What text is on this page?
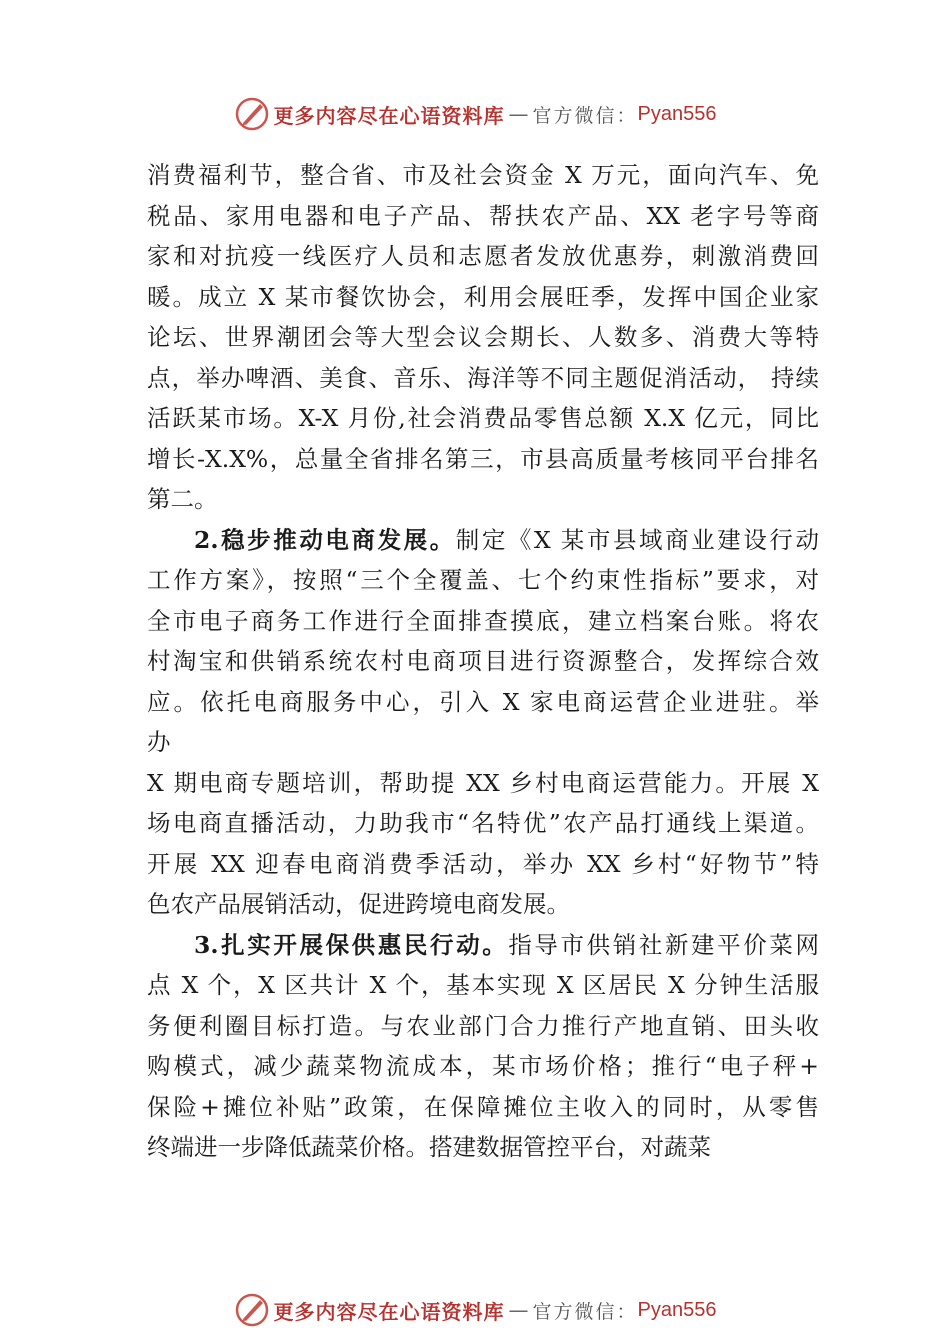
更多内容尽在心语资料库 — 官方微信： Pyan556
消费福利节，整合省、市及社会资金 X 万元，面向汽车、免
税品、家用电器和电子产品、帮扶农产品、XX 老字号等商
家和对抗疫一线医疗人员和志愿者发放优惠券，刺激消费回
暖。成立 X 某市餐饮协会，利用会展旺季，发挥中国企业家
论坛、世界潮团会等大型会议会期长、人数多、消费大等特
点，举办啤酒、美食、音乐、海洋等不同主题促消活动， 持续
活跃某市场。X-X 月份,社会消费品零售总额 X.X 亿元，同比
增长-X.X%，总量全省排名第三，市县高质量考核同平台排名
第二。
2.稳步推动电商发展。制定《X 某市县域商业建设行动
工作方案》，按照“三个全覆盖、七个约束性指标”要求，对
全市电子商务工作进行全面排查摸底，建立档案台账。将农
村淘宝和供销系统农村电商项目进行资源整合，发挥综合效
应。依托电商服务中心，引入 X 家电商运营企业进驻。举
办
X 期电商专题培训，帮助提 XX 乡村电商运营能力。开展 X
场电商直播活动，力助我市“名特优”农产品打通线上渠道。
开展 XX 迎春电商消费季活动，举办 XX 乡村“好物节”特
色农产品展销活动，促进跨境电商发展。
3.扎实开展保供惠民行动。指导市供销社新建平价菜网
点 X 个，X 区共计 X 个，基本实现 X 区居民 X 分钟生活服
务便利圈目标打造。与农业部门合力推行产地直销、田头收
购模式，减少蔬菜物流成本，某市场价格；推行“电子秤+
保险+摊位补贴”政策，在保障摊位主收入的同时，从零售
终端进一步降低蔬菜价格。搭建数据管控平台，对蔬菜
更多内容尽在心语资料库 — 官方微信： Pyan556
